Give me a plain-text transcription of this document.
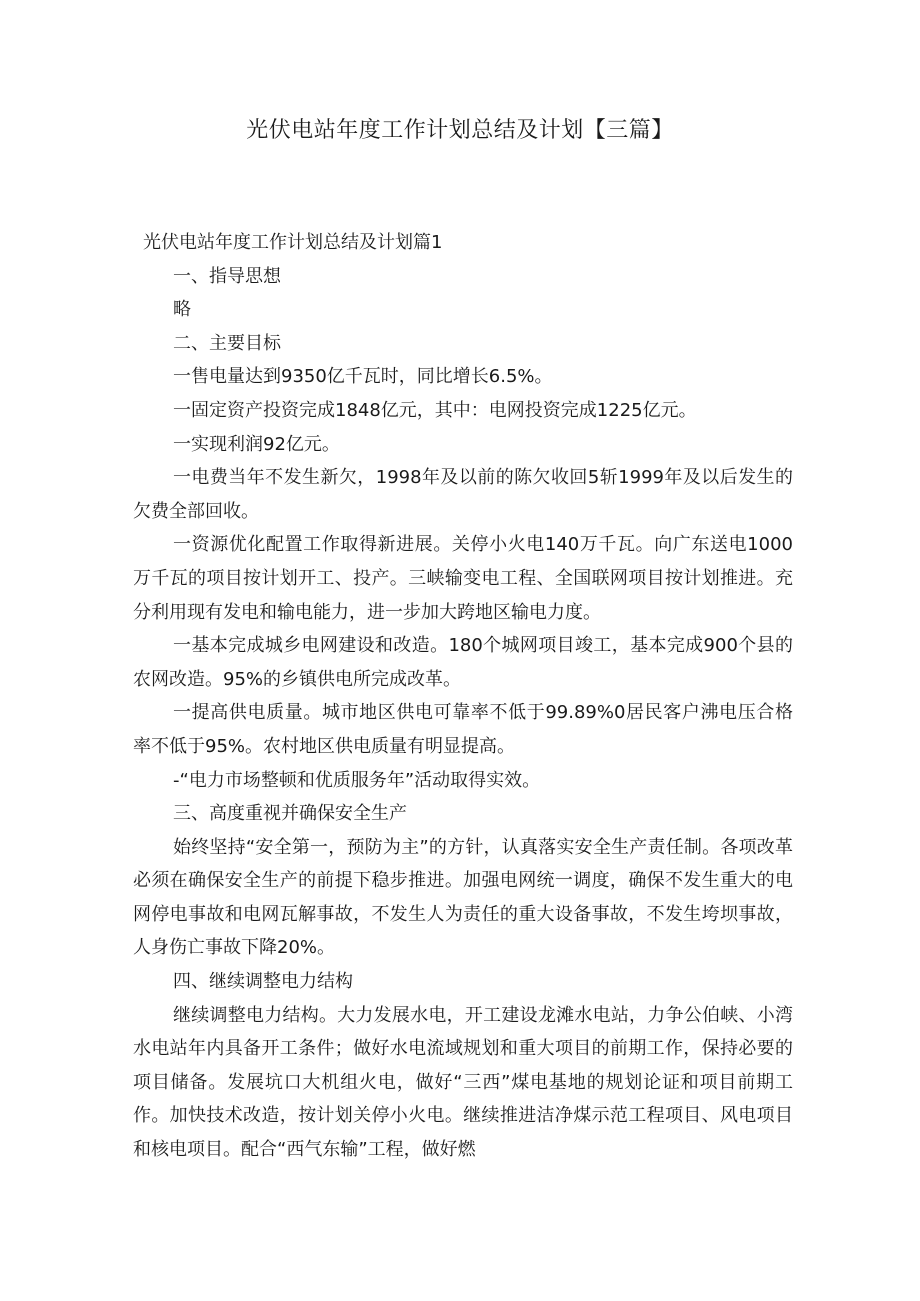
光伏电站年度工作计划总结及计划【三篇】

光伏电站年度工作计划总结及计划篇1

一、指导思想

略

二、主要目标

一售电量达到9350亿千瓦时，同比增长6.5%。

一固定资产投资完成1848亿元，其中：电网投资完成1225亿元。

一实现利润92亿元。

一电费当年不发生新欠，1998年及以前的陈欠收回5斩1999年及以后发生的欠费全部回收。

一资源优化配置工作取得新进展。关停小火电140万千瓦。向广东送电1000万千瓦的项目按计划开工、投产。三峡输变电工程、全国联网项目按计划推进。充分利用现有发电和输电能力，进一步加大跨地区输电力度。

一基本完成城乡电网建设和改造。180个城网项目竣工，基本完成900个县的农网改造。95%的乡镇供电所完成改革。

一提高供电质量。城市地区供电可靠率不低于99.89%0居民客户沸电压合格率不低于95%。农村地区供电质量有明显提高。

-“电力市场整顿和优质服务年”活动取得实效。

三、高度重视并确保安全生产

始终坚持“安全第一，预防为主”的方针，认真落实安全生产责任制。各项改革必须在确保安全生产的前提下稳步推进。加强电网统一调度，确保不发生重大的电网停电事故和电网瓦解事故，不发生人为责任的重大设备事故，不发生垮坝事故，人身伤亡事故下降20%。

四、继续调整电力结构

继续调整电力结构。大力发展水电，开工建设龙滩水电站，力争公伯峡、小湾水电站年内具备开工条件；做好水电流域规划和重大项目的前期工作，保持必要的项目储备。发展坑口大机组火电，做好“三西”煤电基地的规划论证和项目前期工作。加快技术改造，按计划关停小火电。继续推进洁净煤示范工程项目、风电项目和核电项目。配合“西气东输”工程，做好燃
